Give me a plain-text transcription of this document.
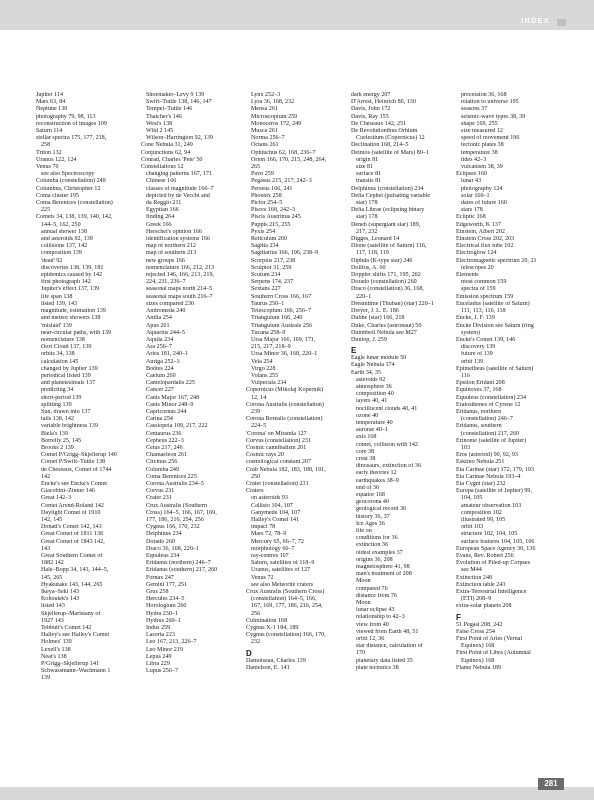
INDEX
Jupiter 114
Mars 63, 84
Neptune 130
photography 79, 98, 113
reconstruction of images 109
Saturn 114
stellar spectra 175, 177, 218,
258
Triton 132
Uranus 122, 124
Venus 70
see also Spectroscopy
Columba (constellation) 249
Columbus, Christopher 12
Coma cluster 195
Coma Berenices (constellation)
225
Comets 34, 138, 139, 140, 142,
144–5, 162, 250
annual shower 138
and asteroids 92, 139
collisions 137, 142
composition 139
'dead' 92
discoveries 138, 139, 181
epidemics caused by 142
first photograph 142
Jupiter's effect 137, 139
life span 138
listed 139, 143
magnitude, estimation 139
and meteor showers 138
'mislaid' 139
near-circular paths, with 139
nomenclature 138
Oort Cloud 137, 139
orbits 34, 138
calculation 145
changed by Jupiter 139
periodical listed 139
and planetesimals 137
predicting 34
short-period 139
splitting 139
Sun, drawn into 137
tails 138, 142
variable brightness 139
Biela's 139
Borrelly 25, 145
Brooks 2 139
Comet P/Grigg–Skjellerup 140
Comet P/Swift–Tuttle 138
de Chéseaux, Comet of 1744
142
Encke's see Encke's Comet
Giacobini–Zinner 146
Great 142–3
Comet Arend-Roland 142
Daylight Comet of 1910
142, 145
Donati's Comet 142, 143
Great Comet of 1811 138
Great Comet of 1843 142,
143
Great Southern Comet of
1882 142
Hale–Bopp 34, 143, 144–5,
145, 265
Hyakutake 143, 144, 265
Ikeya–Seki 143
Kohoutek's 143
listed 143
Skjellerup–Maristany of
1927 143
Tebbutt's Comet 142
Halley's see Halley's Comet
Holmes' 139
Lexell's 138
Neat's 138
P/Grigg–Skjellerup 141
Schwassmann–Wachmann 1
139
Shoemaker–Levy 9 139
Swift–Tuttle 138, 146, 147
Tempel–Tuttle 146
Thatcher's 146
West's 138
Wild 2 145
Wilson–Harrington 92, 139
Cone Nebula 31, 249
Conjunctions 62, 94
Conrad, Charles 'Pete' 50
Constellations 12
changing patterns 167, 171
Chinese 166
classes of magnitude 166–7
depicted by de Vecchi and
da Reggio 211
Egyptian 166
finding 264
Greek 166
Herschel's opinion 166
identification systems 166
map of northern 212
map of southern 213
new groups 166
nomenclature 166, 212, 213
rejected 146, 166, 213, 219,
224, 231, 236–7
seasonal maps north 214–5
seasonal maps south 216–7
sizes compared 230
Andromeda 240
Antlia 254
Apus 261
Aquarius 244–5
Aquila 234
Ara 256–7
Aries 181, 240–1
Auriga 252–3
Boötes 224
Caelum 260
Camelopardalis 225
Cancer 227
Canis Major 167, 248
Canis Minor 248–9
Capricornus 244
Carina 254
Cassiopeia 109, 217, 222
Centaurus 236
Cepheus 222–3
Cetus 217, 246
Chamaeleon 261
Circinus 256
Columba 249
Coma Berenices 225
Corona Australis 234–5
Corvus 231
Crater 231
Crux Australis (Southern
Cross) 164–5, 166, 167, 169,
177, 186, 216, 254, 256
Cygnus 166, 170, 232
Delphinus 234
Dorado 260
Draco 36, 168, 220–1
Equuleus 234
Eridanus (northern) 246–7
Eridanus (southern) 217, 260
Fornax 247
Gemini 177, 251
Grus 258
Hercules 234–5
Horologium 260
Hydra 230–1
Hydrus 260–1
Indus 259
Lacerta 223
Leo 167, 213, 226–7
Leo Minor 219
Lepus 249
Libra 229
Lupus 256–7
Lynx 252–3
Lyra 36, 168, 232
Mensa 261
Microscopium 259
Monoceros 172, 249
Musca 261
Norma 256–7
Octans 261
Ophiuchus 62, 168, 236–7
Orion 166, 170, 215, 248, 264,
265
Pavo 259
Pegasus 215, 217, 242–3
Perseus 166, 241
Phoenix 258
Pictor 254–5
Pisces 168, 242–3
Piscis Austrinus 245
Puppis 215, 255
Pyxis 254
Reticulum 260
Sagitta 234
Sagittarius 166, 196, 238–9
Scorpius 217, 238
Sculptor 31, 259
Scutum 234
Serpens 174, 237
Sextans 227
Southern Cross 166, 167
Taurus 250–1
Telescopium 166, 256–7
Triangulum 166, 240
Triangulum Australe 256
Tucana 258–9
Ursa Major 166, 169, 171,
215, 217, 218–9
Ursa Minor 36, 168, 220–1
Vela 254
Virgo 228
Volans 255
Vulpecula 234
Copernicus (Mikolaj Kopernik)
12, 14
Corona Australis (constellation)
239
Corona Borealis (constellation)
224–5
'Corona' on Miranda 127
Corvus (constellation) 231
Cosmic cannibalism 201
Cosmic rays 20
cosmological constant 207
Crab Nebula 182, 183, 188, 191,
250
Crater (constellation) 231
Craters
on asteroids 93
Callisto 104, 107
Ganymede 104, 107
Halley's Comet 141
impact 78
Mars 72, 78–9
Mercury 65, 66–7, 72
morphology 66–7
ray-centres 107
Saturn, satellites of 118–9
Uranus, satellites of 127
Venus 72
see also Meteorite craters
Crux Australis (Southern Cross)
(constellation) 164–5, 166,
167, 169, 177, 186, 216, 254,
256
Culmination 168
Cygnus X-1 184, 189
Cygnus (constellation) 166, 170,
232
D
Damoiseau, Charles 139
Danielson, E. 141
dark energy 207
D'Arrest, Heinrich 80, 130
Davis, John 172
Davis, Ray 155
De Chéseaux 142, 251
De Revolutionibus Orbium
Coelestium (Copernicus) 12
Declination 168, 214–5
Deimos (satellite of Mars) 80–1
origin 81
size 81
surface 81
transits 81
Delphinus (constellation) 234
Delta Cephei (pulsating variable
star) 178
Delta Librae (eclipsing binary
star) 178
Deneb (supergiant star) 189,
217, 232
Digges, Leonard 14
Dione (satellite of Saturn) 116,
117, 118, 119
Diphda (K-type star) 246
Dollfus, A. 60
Doppler shifts 171, 195, 202
Dorado (constellation) 260
Draco (constellation) 36, 168,
220–1
Dreamtime (Thuban) (star) 220–1
Dreyer, J. L. E. 186
Dubhe (star) 166, 218
Duke, Charles (astronaut) 50
Dumbbell Nebula see M27
Dunlop, J. 259
E
Eagle lunar module 50
Eagle Nebula 174
Earth 34, 35
asteroids 92
atmosphere 36
composition 40
layers 40, 41
noctilucent clouds 40, 41
ozone 40
temperature 40
aurorae 40–1
axis 168
comet, collision with 142
core 38
crust 38
dinosaurs, extinction of 36
early theories 12
earthquakes 38–9
end of 36
equator 168
geocorona 40
geological record 36
history 36, 37
Ice Ages 36
life on
conditions for 36
extinction 36
oldest examples 37
origins 36, 208
magnetosphere 41, 98
man's treatment of 208
Moon
compared 76
distance from 76
Moon
lunar eclipse 43
relationship to 42–3
view from 40
viewed from Earth 48, 51
orbit 12, 36
star distance, calculation of
170
planetary data listed 35
plate tectonics 38
precession 36, 168
relation to universe 195
seasons 37
seismic-wave types 38, 39
shape 169, 255
size measured 12
speed of movement 196
tectonic plates 38
temperature 38
tides 42–3
vulcanism 38, 39
Eclipses 160
lunar 43
photography 124
solar 160–1
dates of future 160
stars 178
Ecliptic 168
Edgeworth, K 137
Einstein, Albert 202
Einstein Cross 202, 203
Electrical flux tube 102
Electroglow 124
Electromagnetic spectrum 20, 21
telescopes 20
Elements
most common 159
spectra of 159
Emission spectrum 159
Enceladus (satellite of Saturn)
111, 113, 116, 118
Encke, J. F. 139
Encke Division see Saturn (ring
system)
Encke's Comet 139, 146
discovery 139
future of 139
orbit 139
Epimetheus (satellite of Saturn)
116
Epsilon Eridani 208
Equinoxes 37, 168
Equuleus (constellation) 234
Eratosthenes of Cyrene 12
Eridanus, northern
(constellation) 246–7
Eridanus, southern
(constellation) 217, 260
Erinome (satellite of Jupiter)
103
Eros (asteroid) 90, 92, 93
Eskimo Nebula 251
Eta Carinae (star) 172, 179, 193
Eta Carinae Nebula 193–4
Eta Cygni (star) 232
Europa (satellite of Jupiter) 99,
104, 105
amateur observation 103
composition 102
illustrated 99, 105
orbit 103
structure 102, 104, 105
surface features 104, 105, 106
European Space Agency 30, 136
Evans, Rev. Robert 256
Evolution of Piled-up Corpses
see M44
Extinction 248
Extinction table 243
Extra-Terrestrial Intelligence
(ETI) 208–9
extra-solar planets 208
F
51 Pegasi 208, 242
False Cross 254
First Point of Aries (Vernal
Equinox) 168
First Point of Libra (Autumnal
Equinox) 168
Flame Nebula 189
281
